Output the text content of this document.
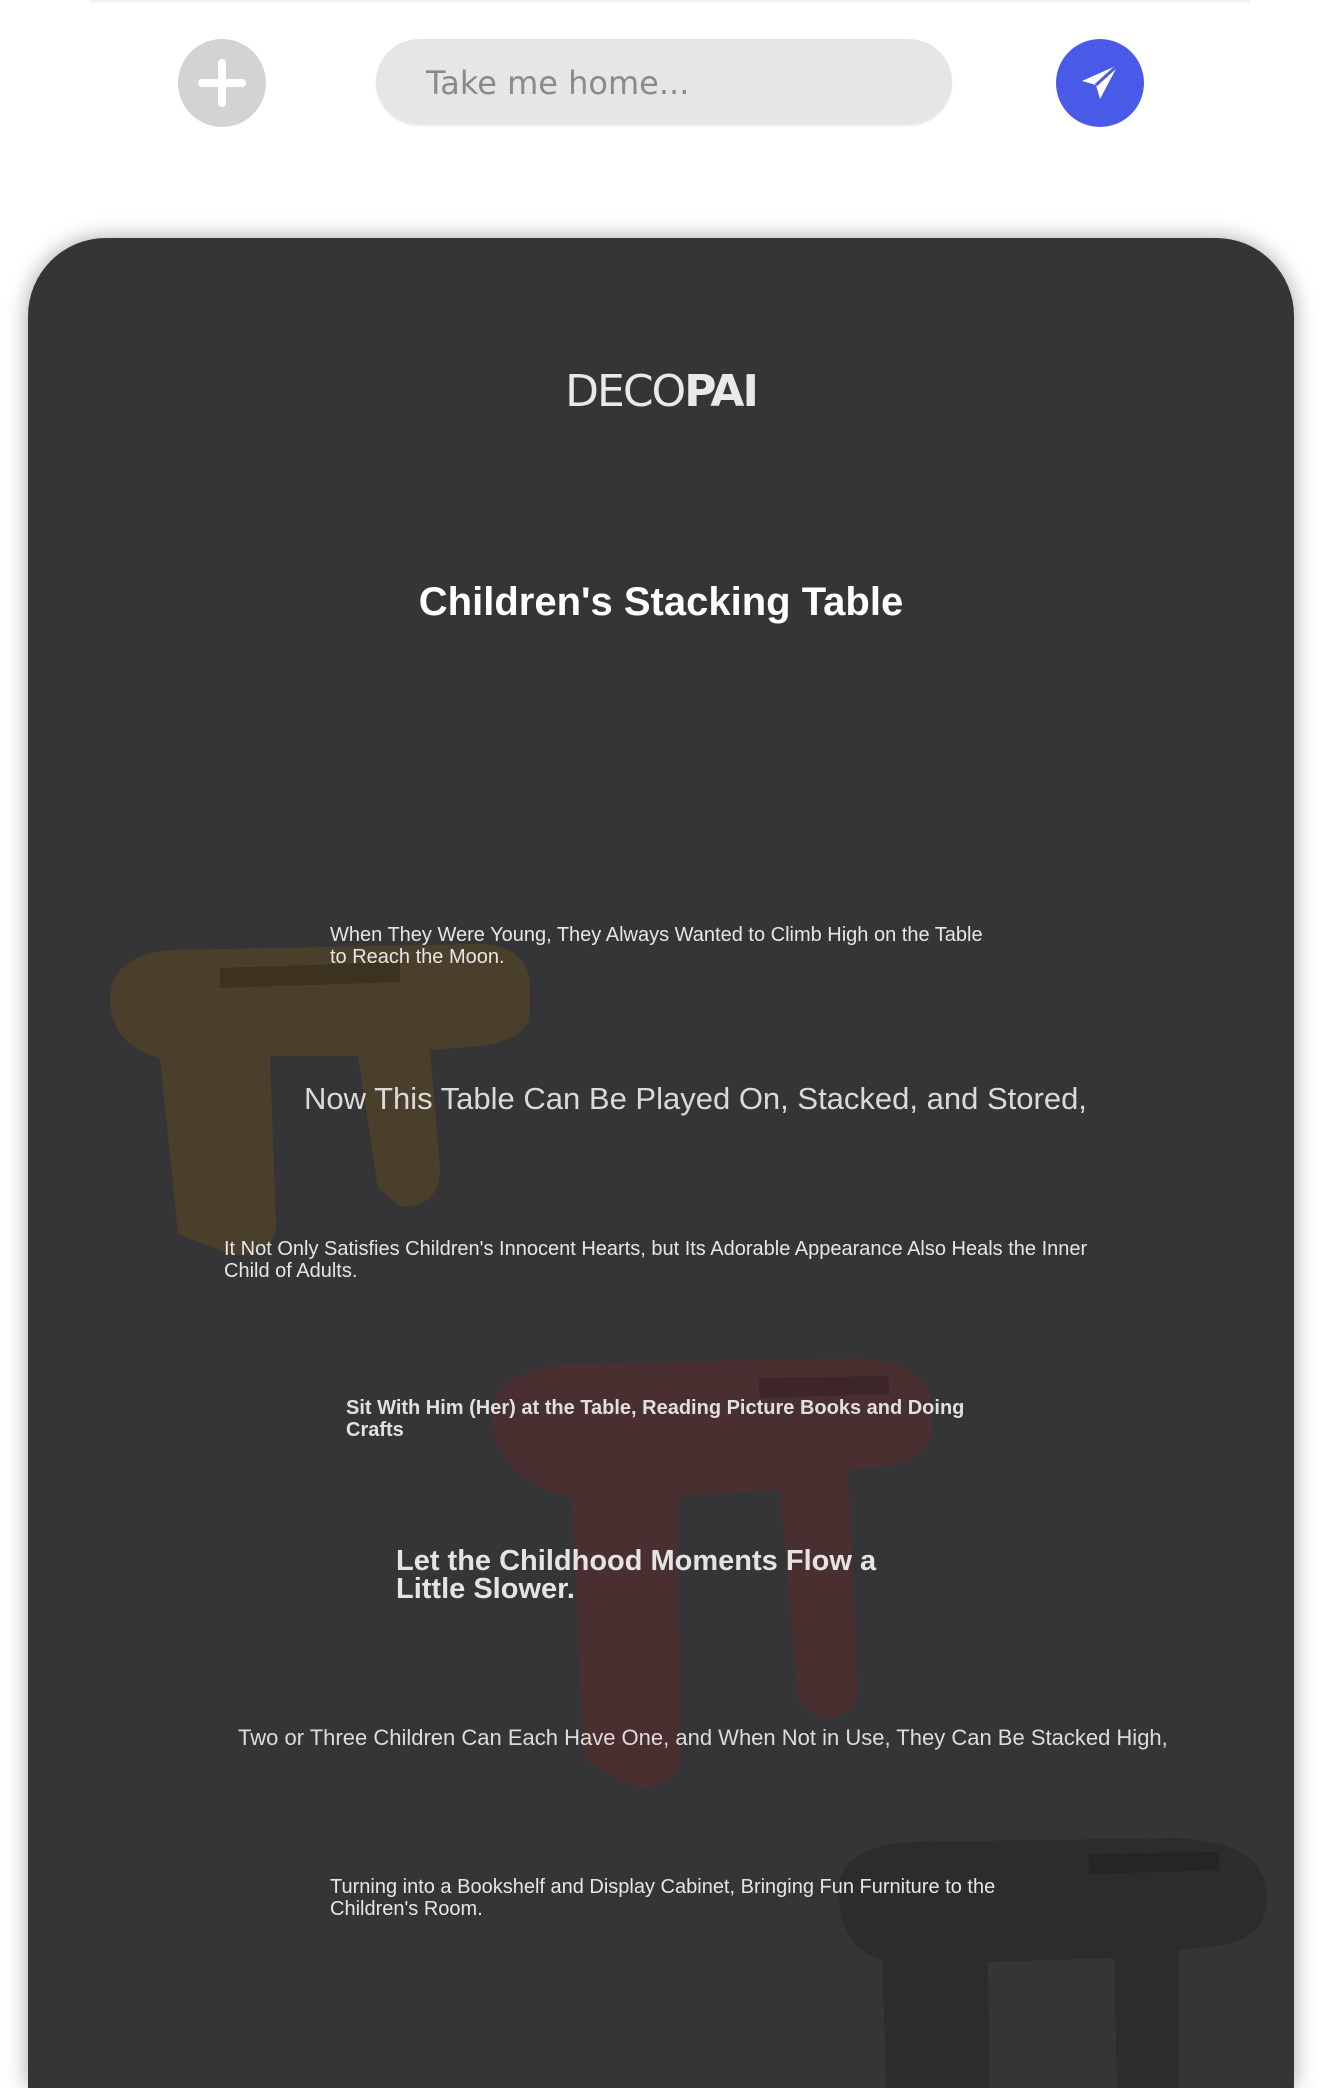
Take me home...
DECOPAI
Children's Stacking Table
When They Were Young, They Always Wanted to Climb High on the Table to Reach the Moon.
Now This Table Can Be Played On, Stacked, and Stored,
It Not Only Satisfies Children's Innocent Hearts, but Its Adorable Appearance Also Heals the Inner Child of Adults.
Sit With Him (Her) at the Table, Reading Picture Books and Doing Crafts
Let the Childhood Moments Flow a Little Slower.
Two or Three Children Can Each Have One, and When Not in Use, They Can Be Stacked High,
Turning into a Bookshelf and Display Cabinet, Bringing Fun Furniture to the Children's Room.
